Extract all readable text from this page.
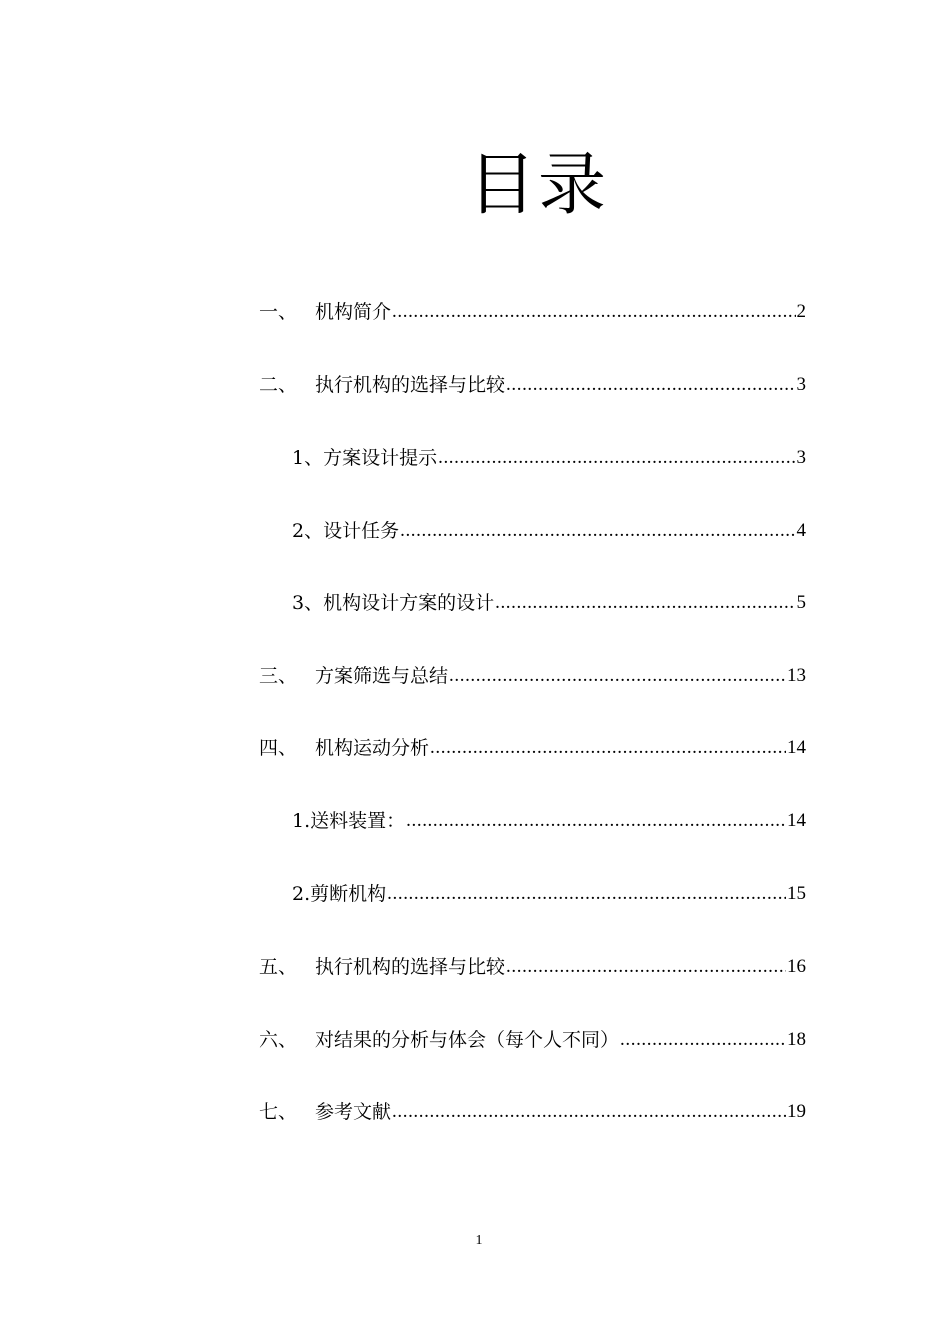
目录
一、 机构简介 .....	2
二、 执行机构的选择与比较 .....	3
1、 方案设计提示 .....	3
2、 设计任务 .....	4
3、 机构设计方案的设计 .....	5
三、 方案筛选与总结 .....	13
四、 机构运动分析 .....	14
1. 送料装置： .....	14
2. 剪断机构 .....	15
五、 执行机构的选择与比较 .....	16
六、 对结果的分析与体会（每个人不同） .....	18
七、 参考文献 .....	19
1
